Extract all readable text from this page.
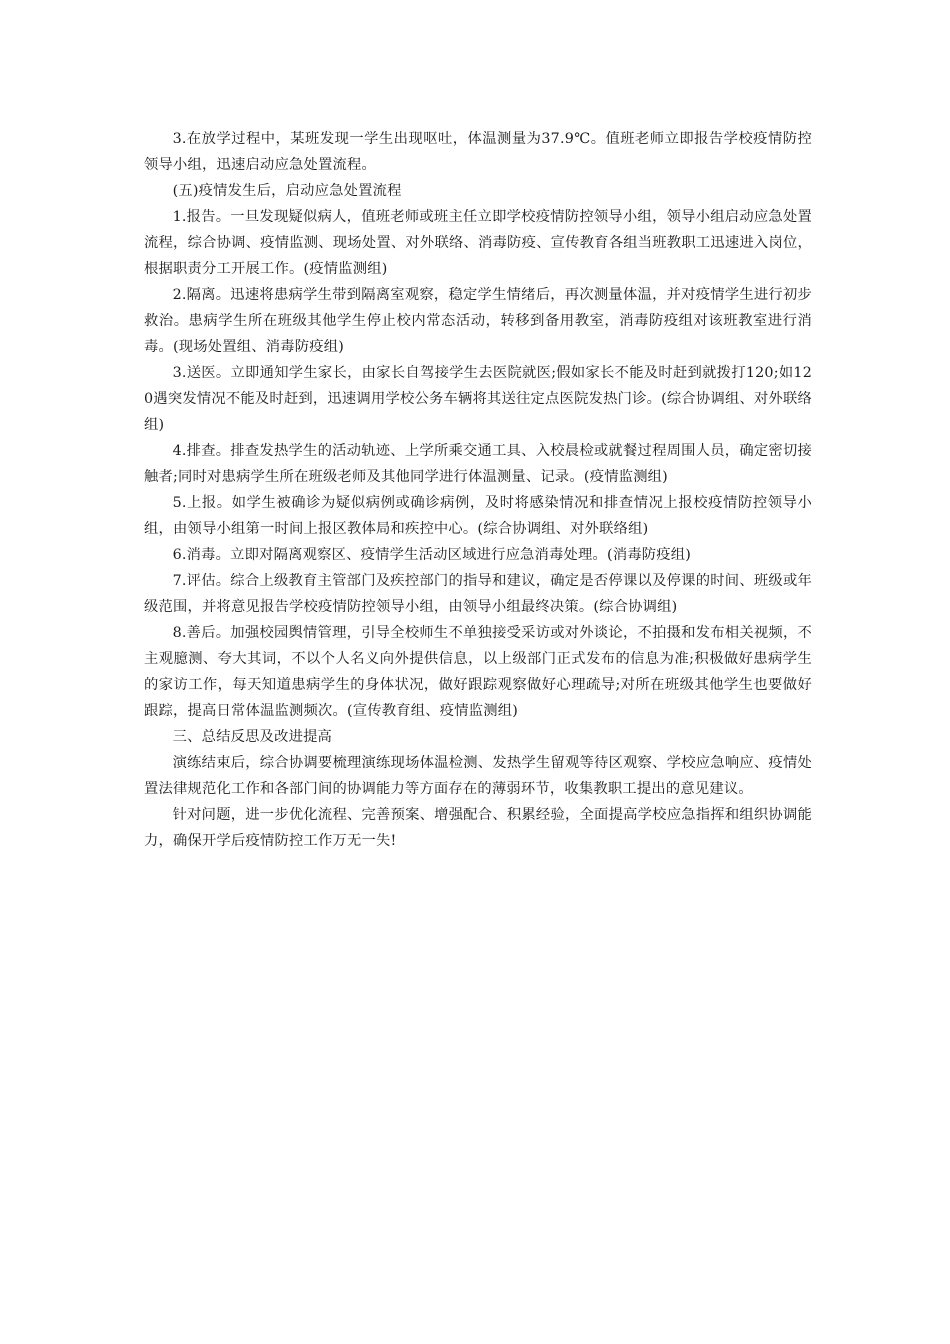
3.在放学过程中，某班发现一学生出现呕吐，体温测量为37.9℃。值班老师立即报告学校疫情防控领导小组，迅速启动应急处置流程。

(五)疫情发生后，启动应急处置流程

1.报告。一旦发现疑似病人，值班老师或班主任立即学校疫情防控领导小组，领导小组启动应急处置流程，综合协调、疫情监测、现场处置、对外联络、消毒防疫、宣传教育各组当班教职工迅速进入岗位，根据职责分工开展工作。(疫情监测组)

2.隔离。迅速将患病学生带到隔离室观察，稳定学生情绪后，再次测量体温，并对疫情学生进行初步救治。患病学生所在班级其他学生停止校内常态活动，转移到备用教室，消毒防疫组对该班教室进行消毒。(现场处置组、消毒防疫组)

3.送医。立即通知学生家长，由家长自驾接学生去医院就医;假如家长不能及时赶到就拨打120;如120遇突发情况不能及时赶到，迅速调用学校公务车辆将其送往定点医院发热门诊。(综合协调组、对外联络组)

4.排查。排查发热学生的活动轨迹、上学所乘交通工具、入校晨检或就餐过程周围人员，确定密切接触者;同时对患病学生所在班级老师及其他同学进行体温测量、记录。(疫情监测组)

5.上报。如学生被确诊为疑似病例或确诊病例，及时将感染情况和排查情况上报校疫情防控领导小组，由领导小组第一时间上报区教体局和疾控中心。(综合协调组、对外联络组)

6.消毒。立即对隔离观察区、疫情学生活动区域进行应急消毒处理。(消毒防疫组)

7.评估。综合上级教育主管部门及疾控部门的指导和建议，确定是否停课以及停课的时间、班级或年级范围，并将意见报告学校疫情防控领导小组，由领导小组最终决策。(综合协调组)

8.善后。加强校园舆情管理，引导全校师生不单独接受采访或对外谈论，不拍摄和发布相关视频，不主观臆测、夸大其词，不以个人名义向外提供信息，以上级部门正式发布的信息为准;积极做好患病学生的家访工作，每天知道患病学生的身体状况，做好跟踪观察做好心理疏导;对所在班级其他学生也要做好跟踪，提高日常体温监测频次。(宣传教育组、疫情监测组)

三、总结反思及改进提高

演练结束后，综合协调要梳理演练现场体温检测、发热学生留观等待区观察、学校应急响应、疫情处置法律规范化工作和各部门间的协调能力等方面存在的薄弱环节，收集教职工提出的意见建议。

针对问题，进一步优化流程、完善预案、增强配合、积累经验，全面提高学校应急指挥和组织协调能力，确保开学后疫情防控工作万无一失!
